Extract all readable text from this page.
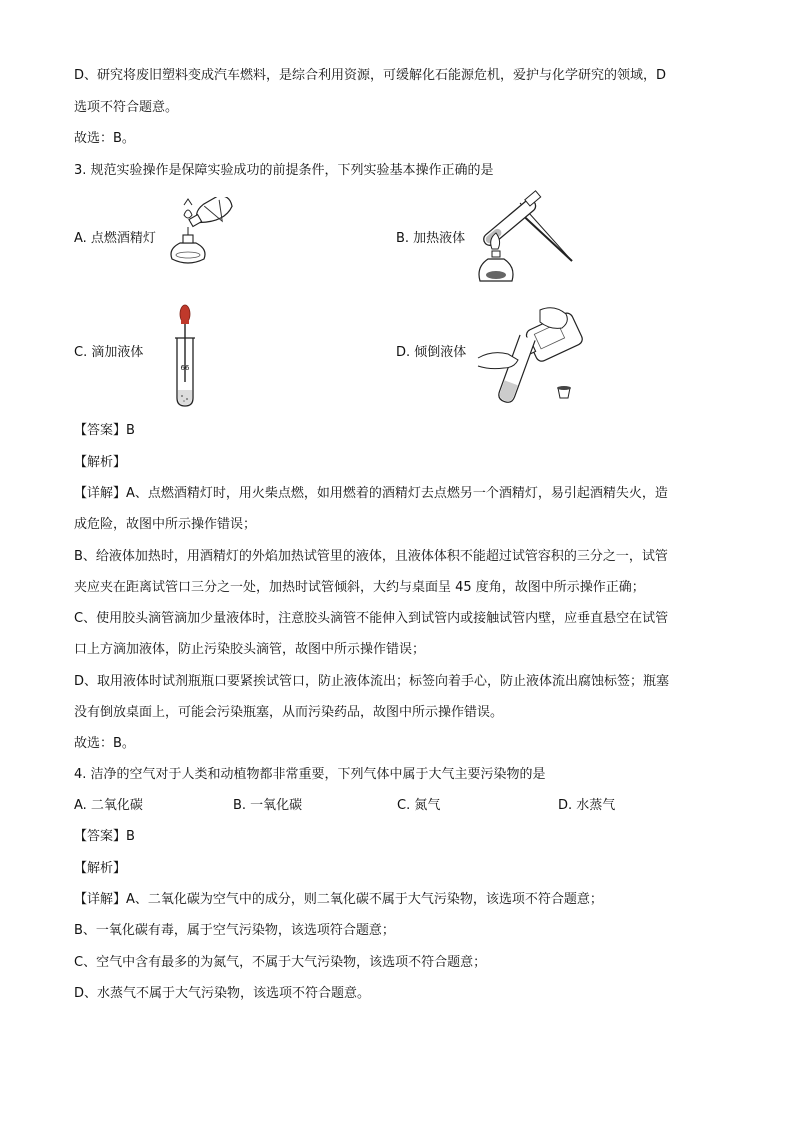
D、研究将废旧塑料变成汽车燃料，是综合利用资源，可缓解化石能源危机，爱护与化学研究的领域，D
选项不符合题意。
故选：B。
3. 规范实验操作是保障实验成功的前提条件，下列实验基本操作正确的是
A. 点燃酒精灯	B. 加热液体
C. 滴加液体	D. 倾倒液体
66
【答案】B
【解析】
【详解】A、点燃酒精灯时，用火柴点燃，如用燃着的酒精灯去点燃另一个酒精灯，易引起酒精失火，造
成危险，故图中所示操作错误；
B、给液体加热时，用酒精灯的外焰加热试管里的液体，且液体体积不能超过试管容积的三分之一，试管
夹应夹在距离试管口三分之一处，加热时试管倾斜，大约与桌面呈 45 度角，故图中所示操作正确；
C、使用胶头滴管滴加少量液体时，注意胶头滴管不能伸入到试管内或接触试管内壁，应垂直悬空在试管
口上方滴加液体，防止污染胶头滴管，故图中所示操作错误；
D、取用液体时试剂瓶瓶口要紧挨试管口，防止液体流出；标签向着手心，防止液体流出腐蚀标签；瓶塞
没有倒放桌面上，可能会污染瓶塞，从而污染药品，故图中所示操作错误。
故选：B。
4. 洁净的空气对于人类和动植物都非常重要，下列气体中属于大气主要污染物的是
A. 二氧化碳	B. 一氧化碳	C. 氮气	D. 水蒸气
【答案】B
【解析】
【详解】A、二氧化碳为空气中的成分，则二氧化碳不属于大气污染物，该选项不符合题意；
B、一氧化碳有毒，属于空气污染物，该选项符合题意；
C、空气中含有最多的为氮气，不属于大气污染物，该选项不符合题意；
D、水蒸气不属于大气污染物，该选项不符合题意。
